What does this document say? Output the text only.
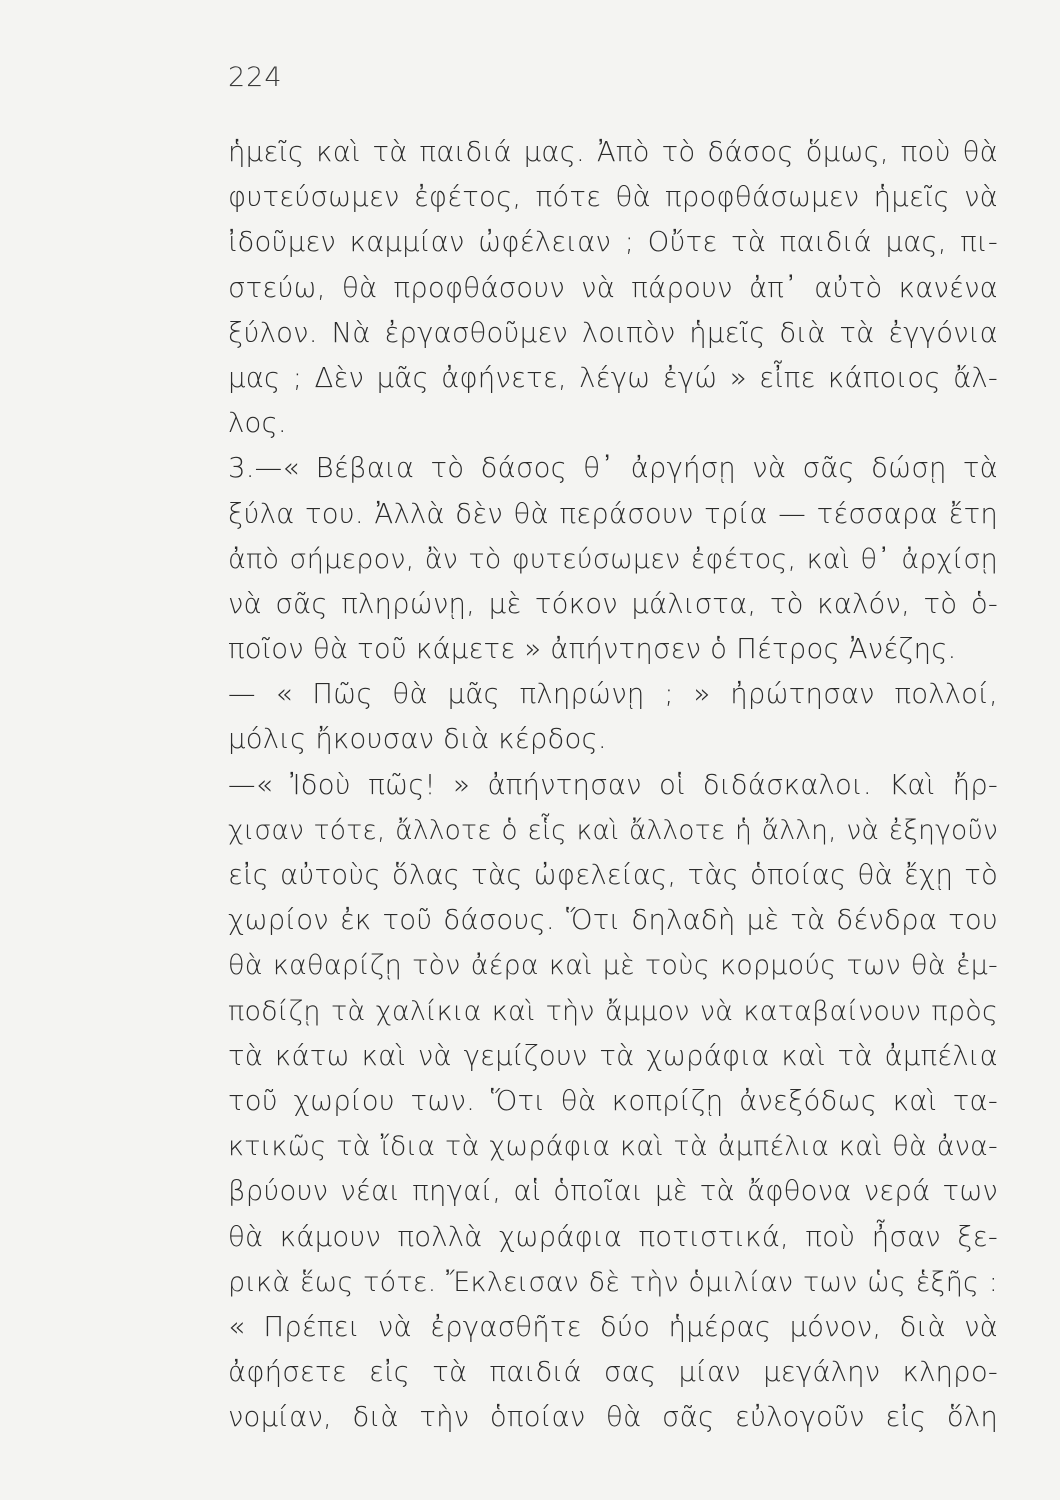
224
ἡμεῖς καὶ τὰ παιδιά μας. Ἀπὸ τὸ δάσος ὅμως, ποὺ θὰ
φυτεύσωμεν ἐφέτος, πότε θὰ προφθάσωμεν ἡμεῖς νὰ
ἰδοῦμεν καμμίαν ὠφέλειαν ; Οὔτε τὰ παιδιά μας, πι-
στεύω, θὰ προφθάσουν νὰ πάρουν ἀπ᾽ αὐτὸ κανένα
ξύλον. Νὰ ἐργασθοῦμεν λοιπὸν ἡμεῖς διὰ τὰ ἐγγόνια
μας ; Δὲν μᾶς ἀφήνετε, λέγω ἐγώ » εἶπε κάποιος ἄλ-
λος.
3.—« Βέβαια τὸ δάσος θ᾽ ἀργήσῃ νὰ σᾶς δώσῃ τὰ
ξύλα του. Ἀλλὰ δὲν θὰ περάσουν τρία — τέσσαρα ἔτη
ἀπὸ σήμερον, ἂν τὸ φυτεύσωμεν ἐφέτος, καὶ θ᾽ ἀρχίσῃ
νὰ σᾶς πληρώνῃ, μὲ τόκον μάλιστα, τὸ καλόν, τὸ ὁ-
ποῖον θὰ τοῦ κάμετε » ἀπήντησεν ὁ Πέτρος Ἀνέζης.
— « Πῶς θὰ μᾶς πληρώνῃ ; » ἠρώτησαν πολλοί,
μόλις ἤκουσαν διὰ κέρδος.
—« Ἰδοὺ πῶς! » ἀπήντησαν οἱ διδάσκαλοι. Καὶ ἤρ-
χισαν τότε, ἄλλοτε ὁ εἷς καὶ ἄλλοτε ἡ ἄλλη, νὰ ἐξηγοῦν
εἰς αὐτοὺς ὅλας τὰς ὠφελείας, τὰς ὁποίας θὰ ἔχῃ τὸ
χωρίον ἐκ τοῦ δάσους. Ὅτι δηλαδὴ μὲ τὰ δένδρα του
θὰ καθαρίζῃ τὸν ἀέρα καὶ μὲ τοὺς κορμούς των θὰ ἐμ-
ποδίζῃ τὰ χαλίκια καὶ τὴν ἄμμον νὰ καταβαίνουν πρὸς
τὰ κάτω καὶ νὰ γεμίζουν τὰ χωράφια καὶ τὰ ἀμπέλια
τοῦ χωρίου των. Ὅτι θὰ κοπρίζῃ ἀνεξόδως καὶ τα-
κτικῶς τὰ ἴδια τὰ χωράφια καὶ τὰ ἀμπέλια καὶ θὰ ἀνα-
βρύουν νέαι πηγαί, αἱ ὁποῖαι μὲ τὰ ἄφθονα νερά των
θὰ κάμουν πολλὰ χωράφια ποτιστικά, ποὺ ἦσαν ξε-
ρικὰ ἕως τότε. Ἔκλεισαν δὲ τὴν ὁμιλίαν των ὡς ἑξῆς :
« Πρέπει νὰ ἐργασθῆτε δύο ἡμέρας μόνον, διὰ νὰ
ἀφήσετε εἰς τὰ παιδιά σας μίαν μεγάλην κληρο-
νομίαν, διὰ τὴν ὁποίαν θὰ σᾶς εὐλογοῦν εἰς ὅλη
